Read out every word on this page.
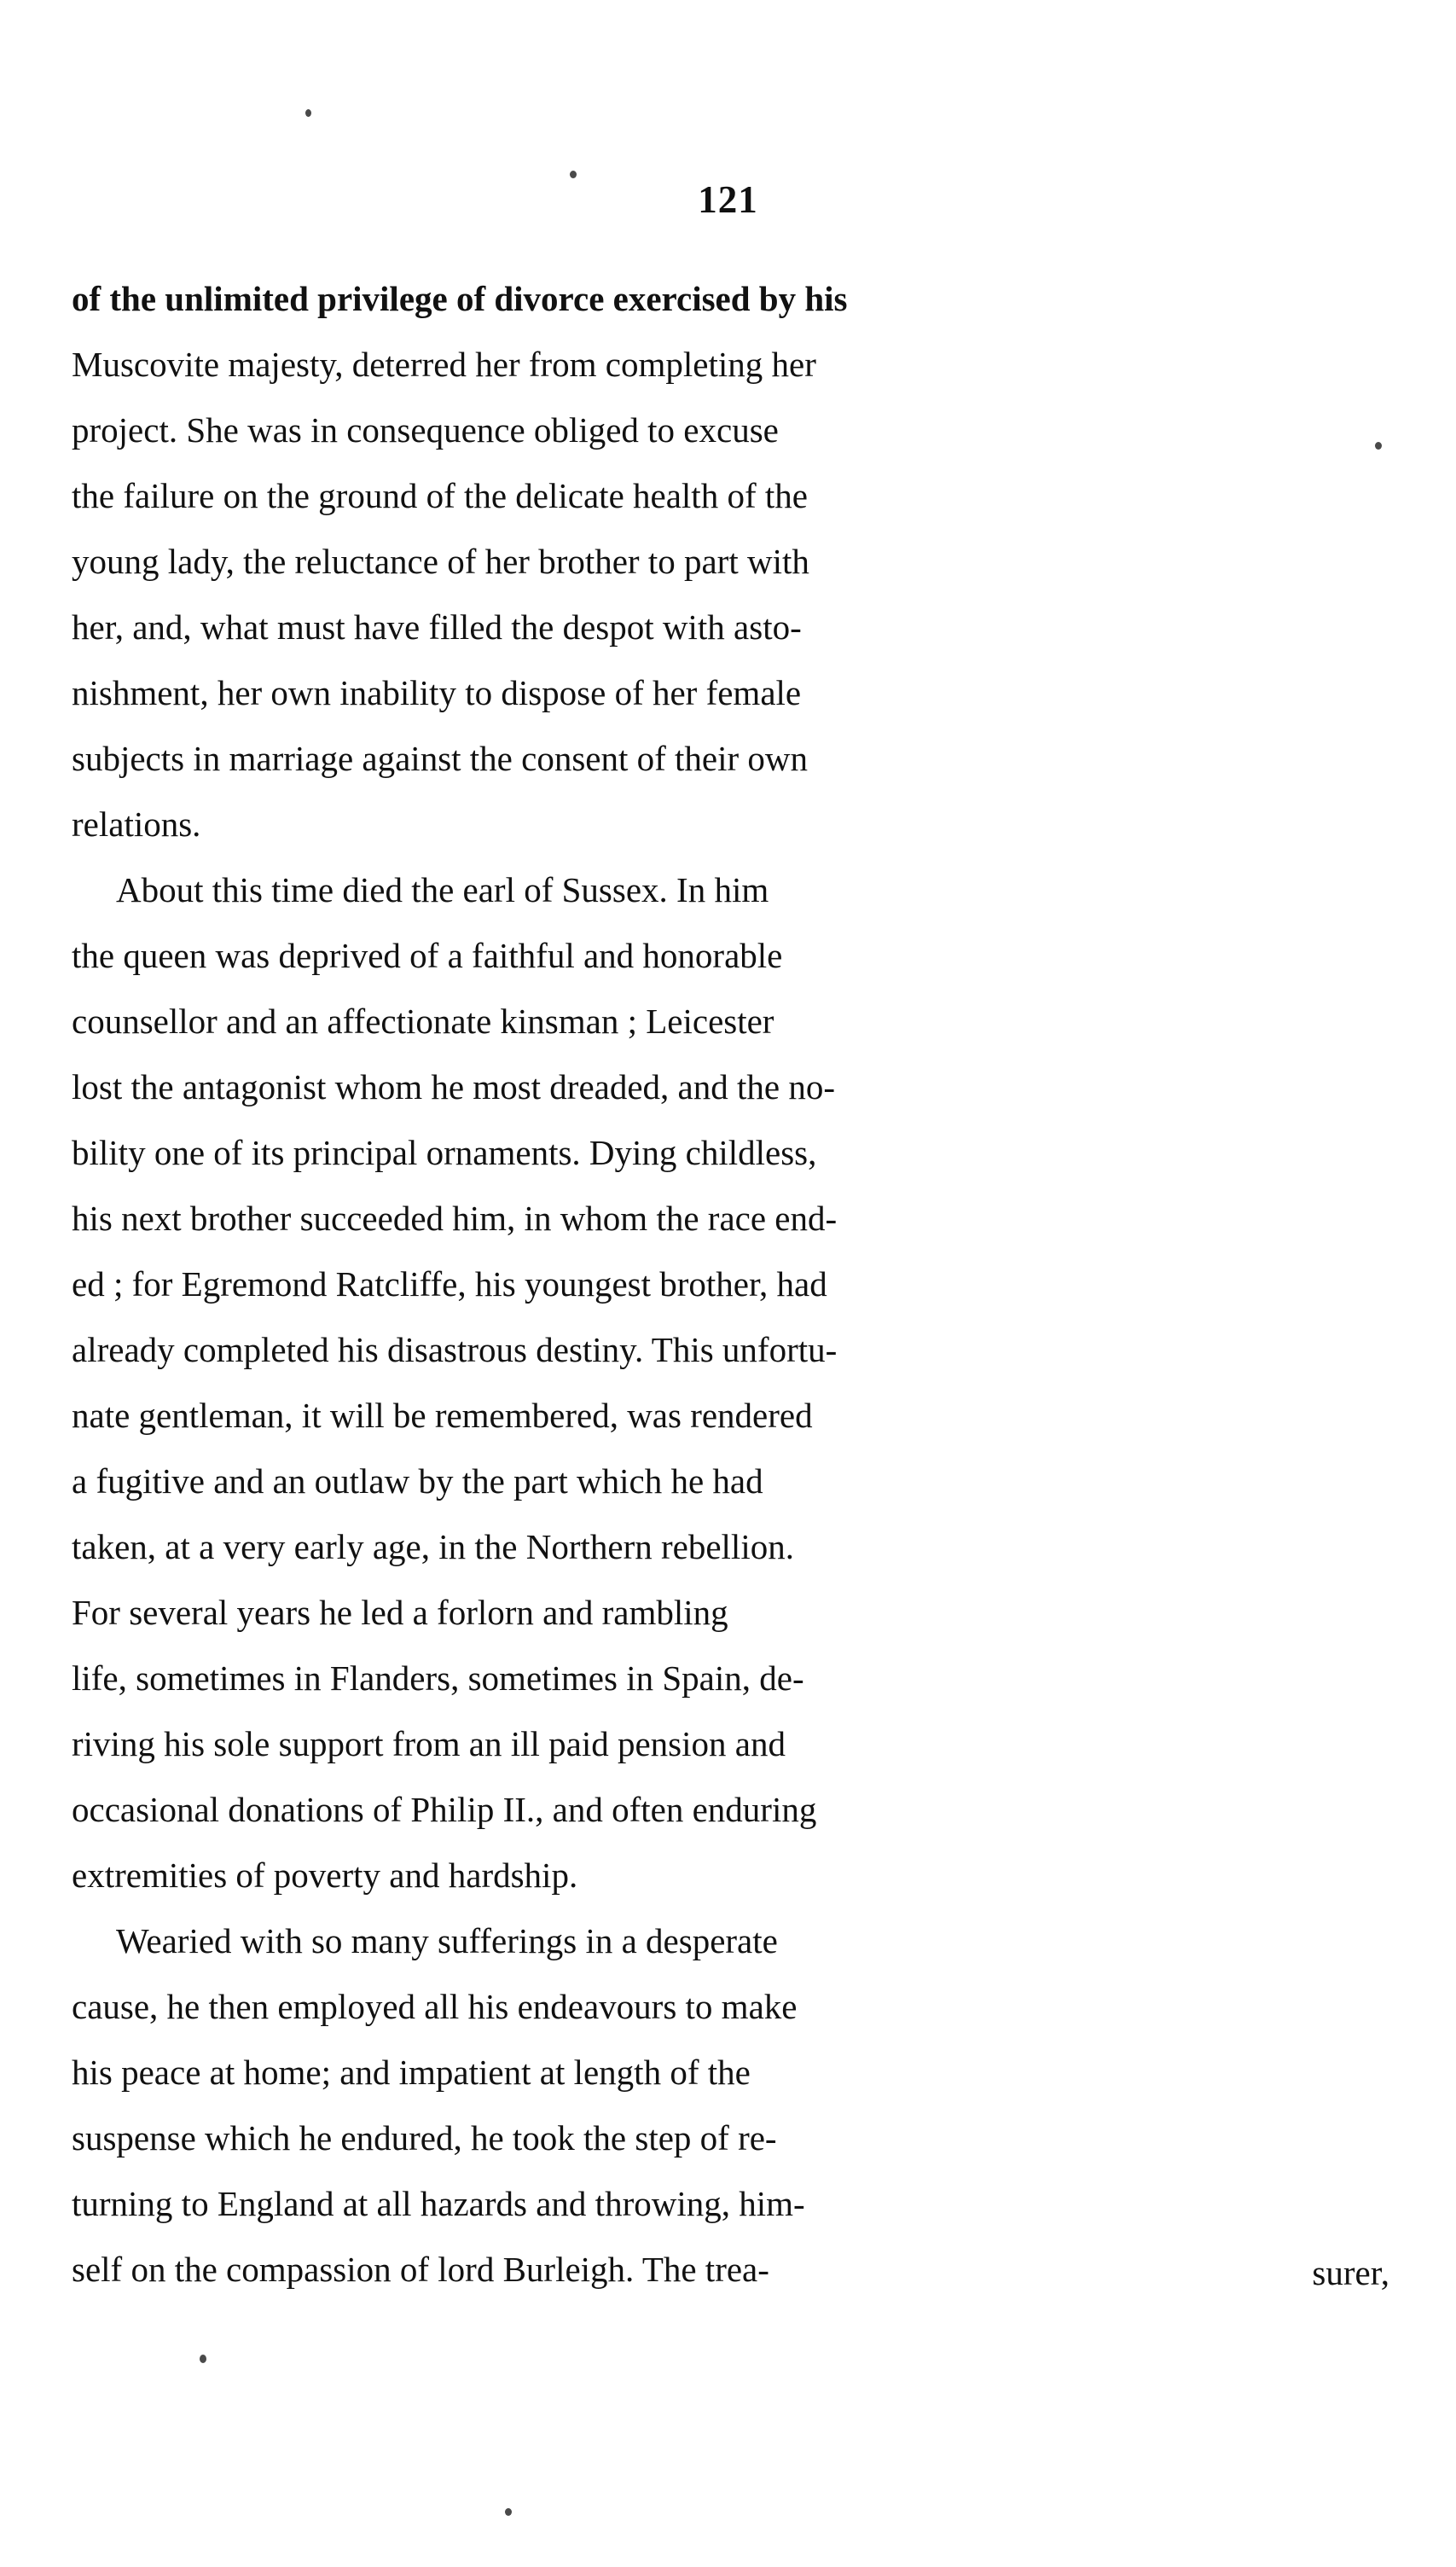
121

of the unlimited privilege of divorce exercised by his
Muscovite majesty, deterred her from completing her
project. She was in consequence obliged to excuse
the failure on the ground of the delicate health of the
young lady, the reluctance of her brother to part with
her, and, what must have filled the despot with asto-
nishment, her own inability to dispose of her female
subjects in marriage against the consent of their own
relations.

About this time died the earl of Sussex. In him
the queen was deprived of a faithful and honorable
counsellor and an affectionate kinsman ; Leicester
lost the antagonist whom he most dreaded, and the no-
bility one of its principal ornaments. Dying childless,
his next brother succeeded him, in whom the race end-
ed ; for Egremond Ratcliffe, his youngest brother, had
already completed his disastrous destiny. This unfortu-
nate gentleman, it will be remembered, was rendered
a fugitive and an outlaw by the part which he had
taken, at a very early age, in the Northern rebellion.
For several years he led a forlorn and rambling
life, sometimes in Flanders, sometimes in Spain, de-
riving his sole support from an ill paid pension and
occasional donations of Philip II., and often enduring
extremities of poverty and hardship.

Wearied with so many sufferings in a desperate
cause, he then employed all his endeavours to make
his peace at home; and impatient at length of the
suspense which he endured, he took the step of re-
turning to England at all hazards and throwing, him-
self on the compassion of lord Burleigh. The trea-	surer,
